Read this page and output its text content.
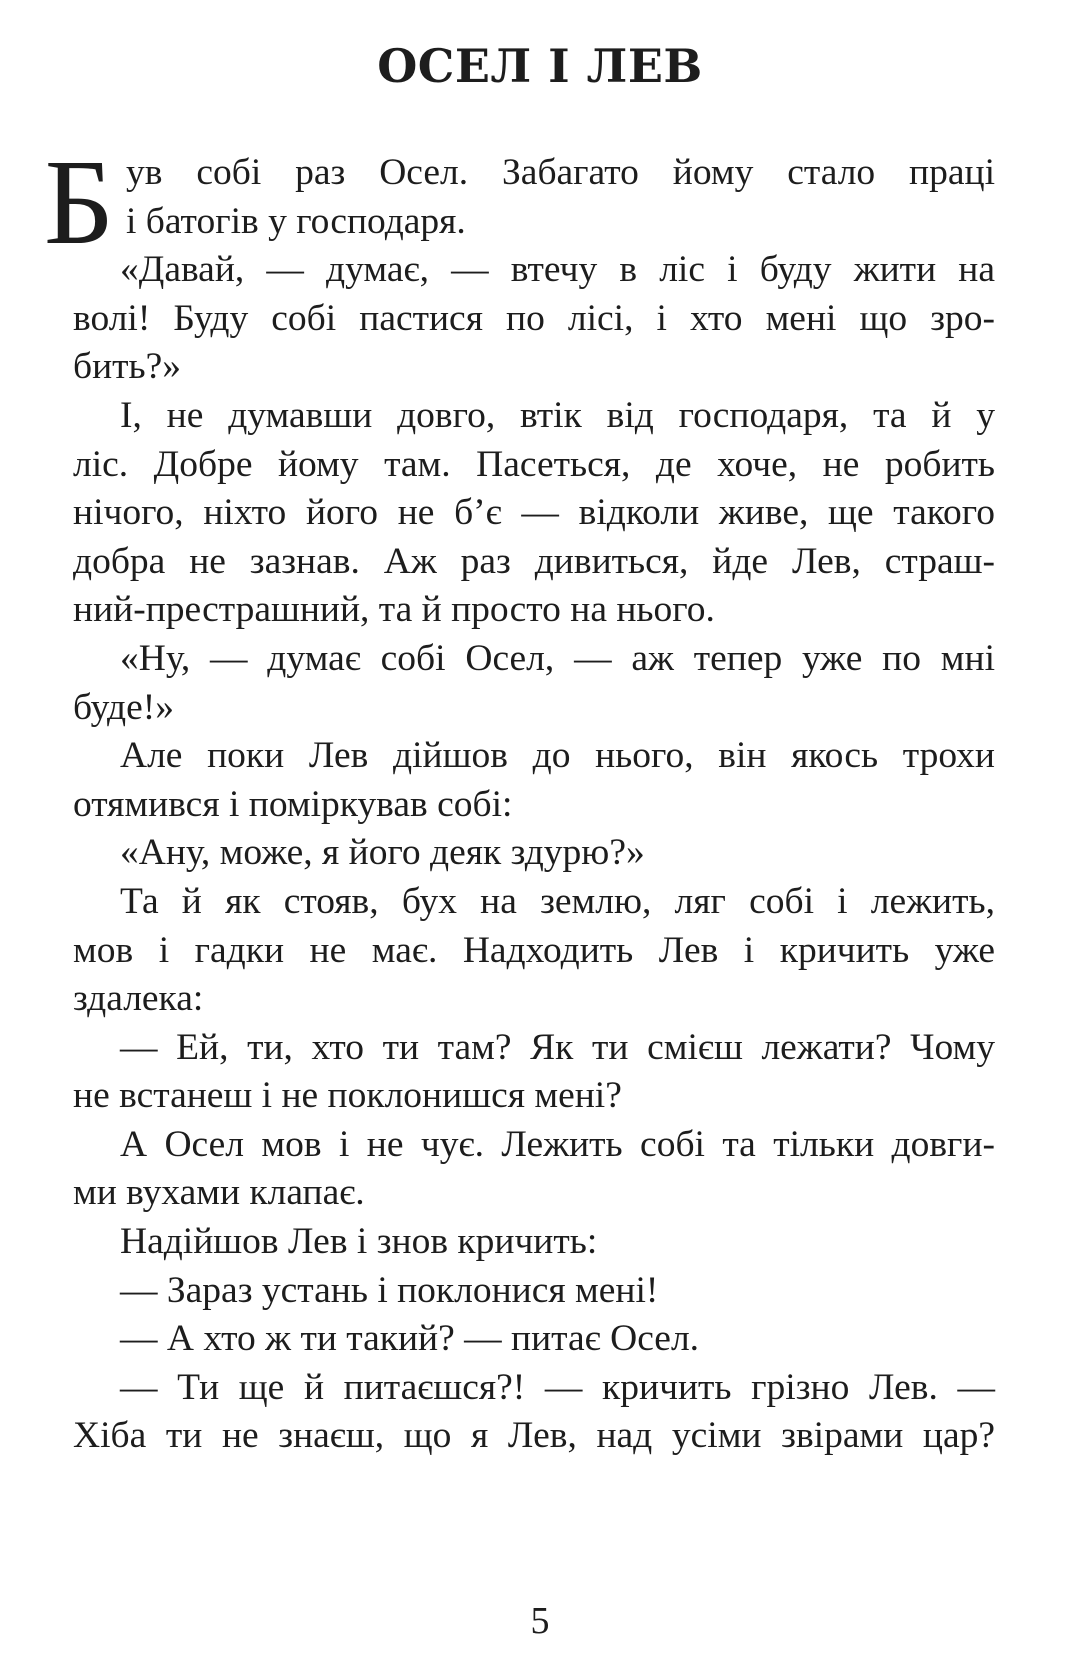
ОСЕЛ І ЛЕВ
Б ув собі раз Осел. Забагато йому стало праці
і батогів у господаря.
«Давай, — думає, — втечу в ліс і буду жити на
волі! Буду собі пастися по лісі, і хто мені що зро-
бить?»
І, не думавши довго, втік від господаря, та й у
ліс. Добре йому там. Пасеться, де хоче, не робить
нічого, ніхто його не б’є — відколи живе, ще такого
добра не зазнав. Аж раз дивиться, йде Лев, страш-
ний-престрашний, та й просто на нього.
«Ну, — думає собі Осел, — аж тепер уже по мні
буде!»
Але поки Лев дійшов до нього, він якось трохи
отямився і поміркував собі:
«Ану, може, я його деяк здурю?»
Та й як стояв, бух на землю, ляг собі і лежить,
мов і гадки не має. Надходить Лев і кричить уже
здалека:
— Ей, ти, хто ти там? Як ти смієш лежати? Чому
не встанеш і не поклонишся мені?
А Осел мов і не чує. Лежить собі та тільки довги-
ми вухами клапає.
Надійшов Лев і знов кричить:
— Зараз устань і поклонися мені!
— А хто ж ти такий? — питає Осел.
— Ти ще й питаєшся?! — кричить грізно Лев. —
Хіба ти не знаєш, що я Лев, над усіми звірами цар?
5
